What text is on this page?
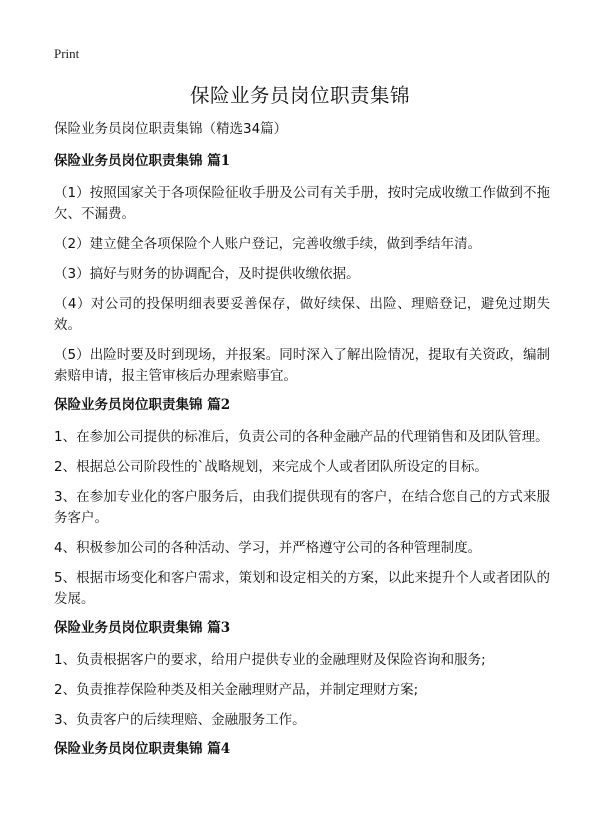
Print
保险业务员岗位职责集锦

保险业务员岗位职责集锦（精选34篇）

保险业务员岗位职责集锦 篇1

（1）按照国家关于各项保险征收手册及公司有关手册，按时完成收缴工作做到不拖欠、不漏费。

（2）建立健全各项保险个人账户登记，完善收缴手续，做到季结年清。

（3）搞好与财务的协调配合，及时提供收缴依据。

（4）对公司的投保明细表要妥善保存，做好续保、出险、理赔登记，避免过期失效。

（5）出险时要及时到现场，并报案。同时深入了解出险情况，提取有关资政，编制索赔申请，报主管审核后办理索赔事宜。

保险业务员岗位职责集锦 篇2

1、在参加公司提供的标准后，负责公司的各种金融产品的代理销售和及团队管理。

2、根据总公司阶段性的`战略规划，来完成个人或者团队所设定的目标。

3、在参加专业化的客户服务后，由我们提供现有的客户，在结合您自己的方式来服务客户。

4、积极参加公司的各种活动、学习，并严格遵守公司的各种管理制度。

5、根据市场变化和客户需求，策划和设定相关的方案，以此来提升个人或者团队的发展。

保险业务员岗位职责集锦 篇3

1、负责根据客户的要求，给用户提供专业的金融理财及保险咨询和服务;

2、负责推荐保险种类及相关金融理财产品，并制定理财方案;

3、负责客户的后续理赔、金融服务工作。

保险业务员岗位职责集锦 篇4
